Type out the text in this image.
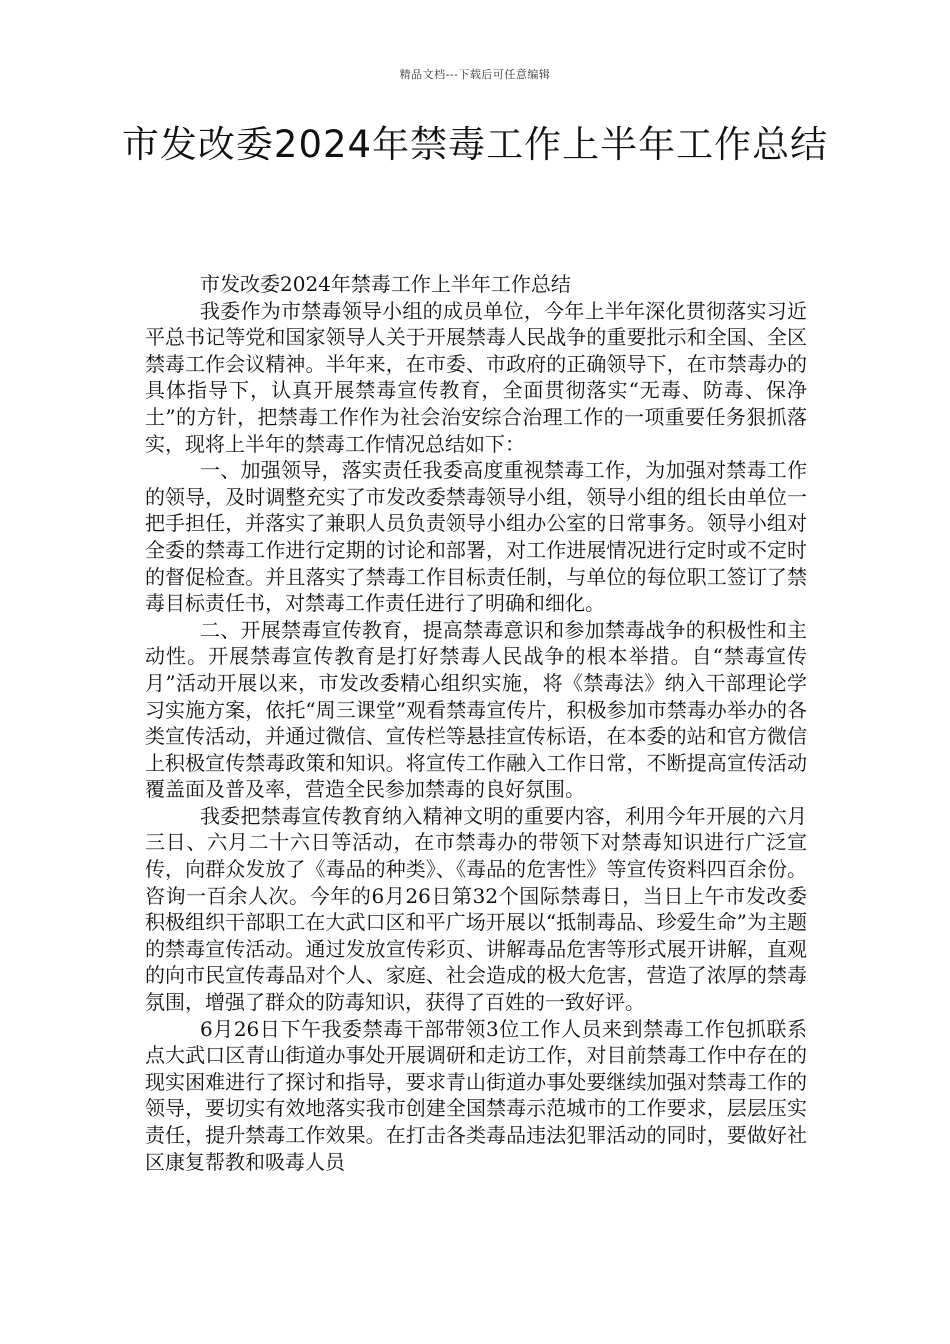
精品文档---下载后可任意编辑
市发改委2024年禁毒工作上半年工作总结

市发改委2024年禁毒工作上半年工作总结

我委作为市禁毒领导小组的成员单位，今年上半年深化贯彻落实习近平总书记等党和国家领导人关于开展禁毒人民战争的重要批示和全国、全区禁毒工作会议精神。半年来，在市委、市政府的正确领导下，在市禁毒办的具体指导下，认真开展禁毒宣传教育，全面贯彻落实“无毒、防毒、保净土”的方针，把禁毒工作作为社会治安综合治理工作的一项重要任务狠抓落实，现将上半年的禁毒工作情况总结如下：

一、加强领导，落实责任我委高度重视禁毒工作，为加强对禁毒工作的领导，及时调整充实了市发改委禁毒领导小组，领导小组的组长由单位一把手担任，并落实了兼职人员负责领导小组办公室的日常事务。领导小组对全委的禁毒工作进行定期的讨论和部署，对工作进展情况进行定时或不定时的督促检查。并且落实了禁毒工作目标责任制，与单位的每位职工签订了禁毒目标责任书，对禁毒工作责任进行了明确和细化。

二、开展禁毒宣传教育，提高禁毒意识和参加禁毒战争的积极性和主动性。开展禁毒宣传教育是打好禁毒人民战争的根本举措。自“禁毒宣传月”活动开展以来，市发改委精心组织实施，将《禁毒法》纳入干部理论学习实施方案，依托“周三课堂”观看禁毒宣传片，积极参加市禁毒办举办的各类宣传活动，并通过微信、宣传栏等悬挂宣传标语，在本委的站和官方微信上积极宣传禁毒政策和知识。将宣传工作融入工作日常，不断提高宣传活动覆盖面及普及率，营造全民参加禁毒的良好氛围。

我委把禁毒宣传教育纳入精神文明的重要内容，利用今年开展的六月三日、六月二十六日等活动，在市禁毒办的带领下对禁毒知识进行广泛宣传，向群众发放了《毒品的种类》、《毒品的危害性》等宣传资料四百余份。咨询一百余人次。今年的6月26日第32个国际禁毒日，当日上午市发改委积极组织干部职工在大武口区和平广场开展以“抵制毒品、珍爱生命”为主题的禁毒宣传活动。通过发放宣传彩页、讲解毒品危害等形式展开讲解，直观的向市民宣传毒品对个人、家庭、社会造成的极大危害，营造了浓厚的禁毒氛围，增强了群众的防毒知识，获得了百姓的一致好评。

6月26日下午我委禁毒干部带领3位工作人员来到禁毒工作包抓联系点大武口区青山街道办事处开展调研和走访工作，对目前禁毒工作中存在的现实困难进行了探讨和指导，要求青山街道办事处要继续加强对禁毒工作的领导，要切实有效地落实我市创建全国禁毒示范城市的工作要求，层层压实责任，提升禁毒工作效果。在打击各类毒品违法犯罪活动的同时，要做好社区康复帮教和吸毒人员
